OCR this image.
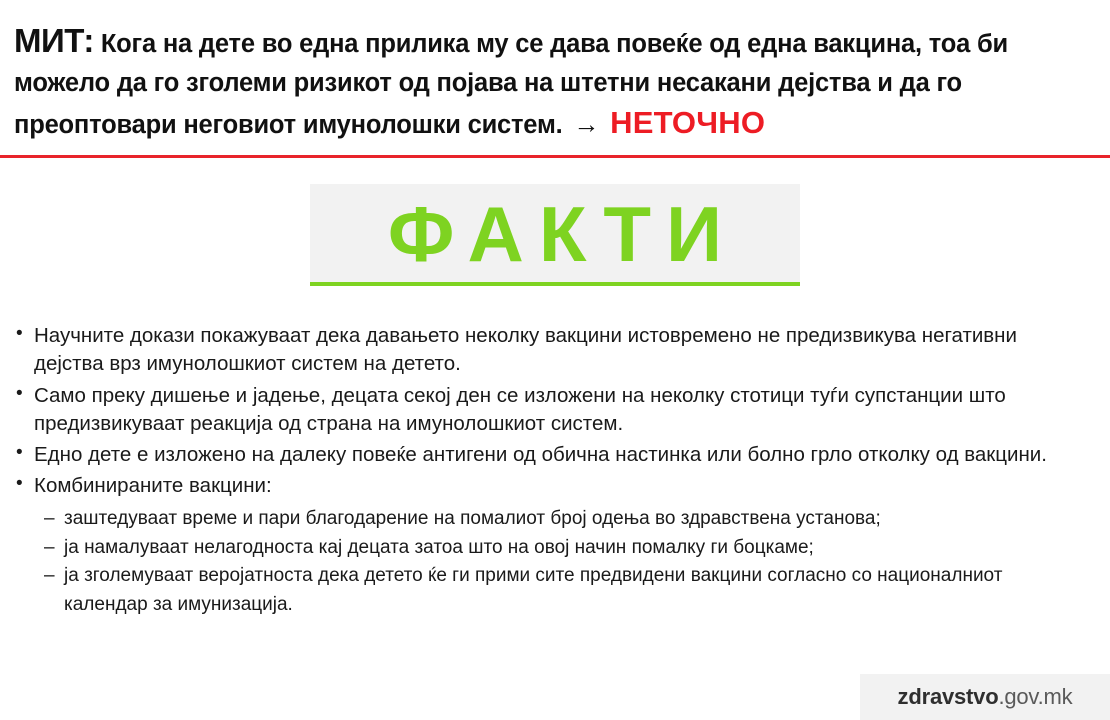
МИТ: Кога на дете во една прилика му се дава повеќе од една вакцина, тоа би можело да го зголеми ризикот од појава на штетни несакани дејства и да го преоптовари неговиот имунолошки систем. → НЕТОЧНО

ФАКТИ
• Научните докази покажуваат дека давањето неколку вакцини истовремено не предизвикува негативни дејства врз имунолошкиот систем на детето.
• Само преку дишење и јадење, децата секој ден се изложени на неколку стотици туѓи супстанции што предизвикуваат реакција од страна на имунолошкиот систем.
• Едно дете е изложено на далеку повеќе антигени од обична настинка или болно грло отколку од вакцини.
• Комбинираните вакцини:
– заштедуваат време и пари благодарение на помалиот број одења во здравствена установа;
– ја намалуваат нелагодноста кај децата затоа што на овој начин помалку ги боцкаме;
– ја зголемуваат веројатноста дека детето ќе ги прими сите предвидени вакцини согласно со националниот календар за имунизација.
zdravstvo.gov.mk
